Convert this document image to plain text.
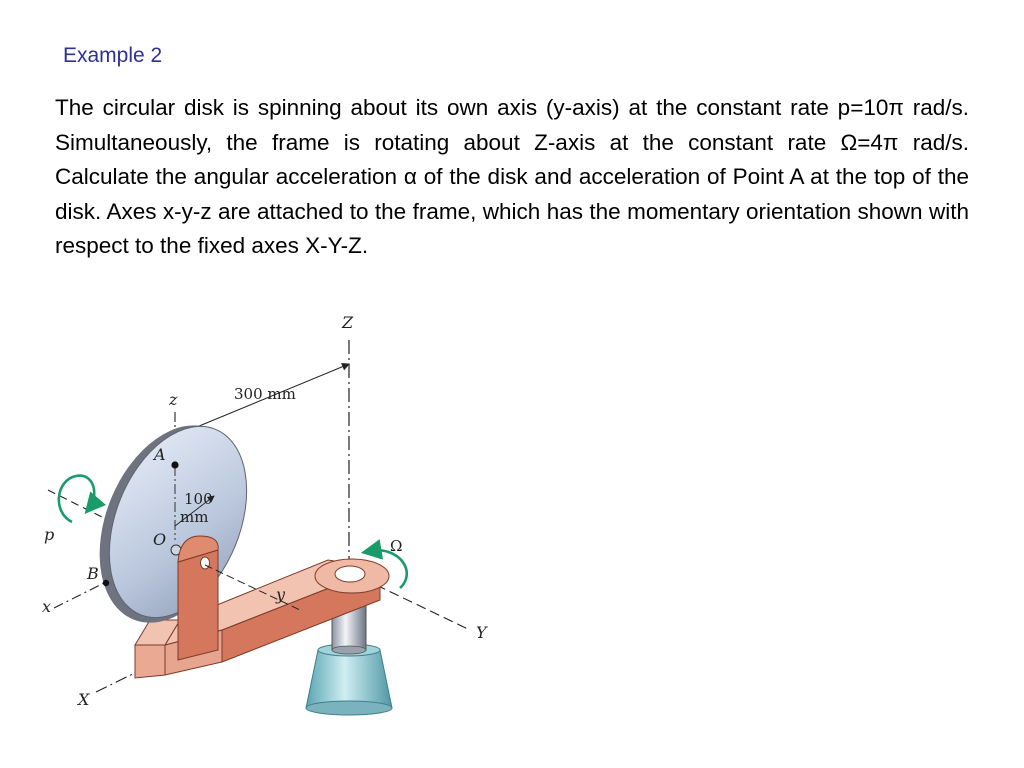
Example 2

The circular disk is spinning about its own axis (y-axis) at the constant rate p=10π rad/s. Simultaneously, the frame is rotating about Z-axis at the constant rate Ω=4π rad/s. Calculate the angular acceleration α of the disk and acceleration of Point A at the top of the disk. Axes x-y-z are attached to the frame, which has the momentary orientation shown with respect to the fixed axes X-Y-Z.

Z
z	300 mm
x
X
Y
100
mm
A
B
O
y
p
Ω
